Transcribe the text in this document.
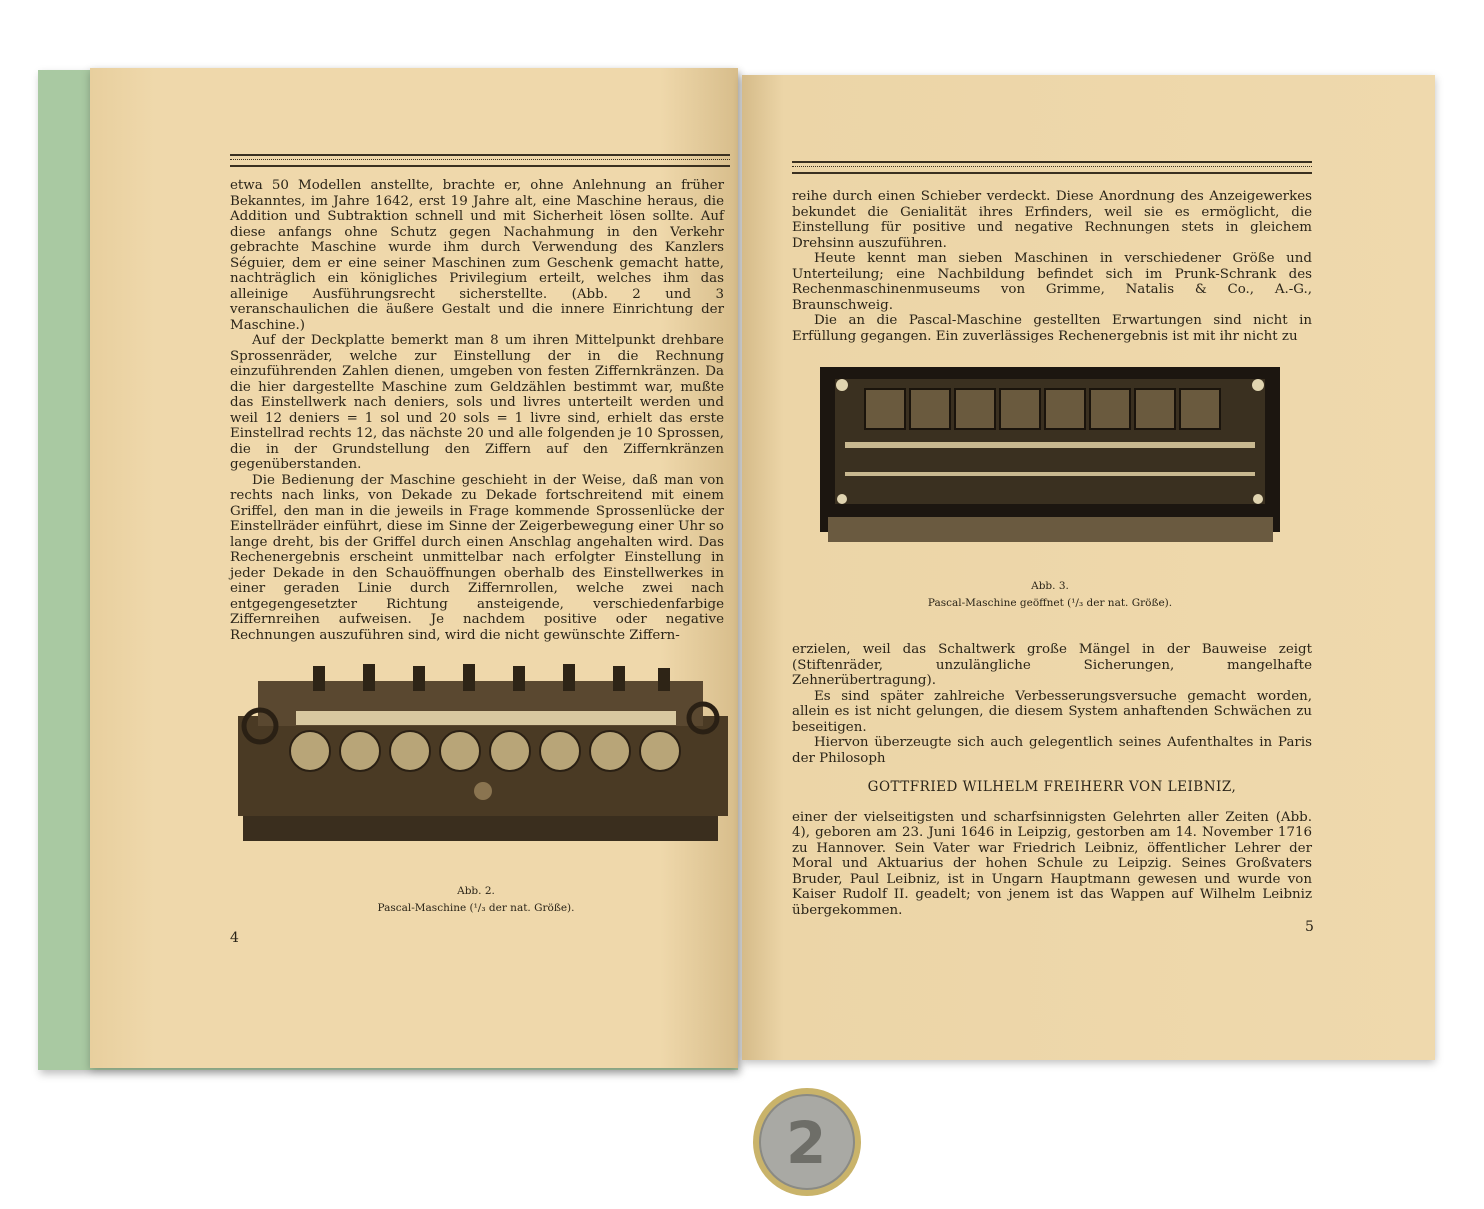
etwa 50 Modellen anstellte, brachte er, ohne Anlehnung an früher Bekanntes, im Jahre 1642, erst 19 Jahre alt, eine Maschine heraus, die Addition und Subtraktion schnell und mit Sicherheit lösen sollte. Auf diese anfangs ohne Schutz gegen Nachahmung in den Verkehr gebrachte Maschine wurde ihm durch Verwendung des Kanzlers Séguier, dem er eine seiner Maschinen zum Geschenk gemacht hatte, nachträglich ein königliches Privilegium erteilt, welches ihm das alleinige Ausführungsrecht sicherstellte. (Abb. 2 und 3 veranschaulichen die äußere Gestalt und die innere Einrichtung der Maschine.)

Auf der Deckplatte bemerkt man 8 um ihren Mittelpunkt drehbare Sprossenräder, welche zur Einstellung der in die Rechnung einzuführenden Zahlen dienen, umgeben von festen Ziffernkränzen. Da die hier dargestellte Maschine zum Geldzählen bestimmt war, mußte das Einstellwerk nach deniers, sols und livres unterteilt werden und weil 12 deniers = 1 sol und 20 sols = 1 livre sind, erhielt das erste Einstellrad rechts 12, das nächste 20 und alle folgenden je 10 Sprossen, die in der Grundstellung den Ziffern auf den Ziffernkränzen gegenüberstanden.

Die Bedienung der Maschine geschieht in der Weise, daß man von rechts nach links, von Dekade zu Dekade fortschreitend mit einem Griffel, den man in die jeweils in Frage kommende Sprossenlücke der Einstellräder einführt, diese im Sinne der Zeigerbewegung einer Uhr so lange dreht, bis der Griffel durch einen Anschlag angehalten wird. Das Rechenergebnis erscheint unmittelbar nach erfolgter Einstellung in jeder Dekade in den Schauöffnungen oberhalb des Einstellwerkes in einer geraden Linie durch Ziffernrollen, welche zwei nach entgegengesetzter Richtung ansteigende, verschiedenfarbige Ziffernreihen aufweisen. Je nachdem positive oder negative Rechnungen auszuführen sind, wird die nicht gewünschte Ziffern-

Abb. 2.
Pascal-Maschine (¹/₃ der nat. Größe).
4

reihe durch einen Schieber verdeckt. Diese Anordnung des Anzeigewerkes bekundet die Genialität ihres Erfinders, weil sie es ermöglicht, die Einstellung für positive und negative Rechnungen stets in gleichem Drehsinn auszuführen.

Heute kennt man sieben Maschinen in verschiedener Größe und Unterteilung; eine Nachbildung befindet sich im Prunk-Schrank des Rechenmaschinenmuseums von Grimme, Natalis & Co., A.-G., Braunschweig.

Die an die Pascal-Maschine gestellten Erwartungen sind nicht in Erfüllung gegangen. Ein zuverlässiges Rechenergebnis ist mit ihr nicht zu

Abb. 3.
Pascal-Maschine geöffnet (¹/₃ der nat. Größe).

erzielen, weil das Schaltwerk große Mängel in der Bauweise zeigt (Stiftenräder, unzulängliche Sicherungen, mangelhafte Zehnerübertragung).

Es sind später zahlreiche Verbesserungsversuche gemacht worden, allein es ist nicht gelungen, die diesem System anhaftenden Schwächen zu beseitigen.

Hiervon überzeugte sich auch gelegentlich seines Aufenthaltes in Paris der Philosoph

GOTTFRIED WILHELM FREIHERR VON LEIBNIZ,

einer der vielseitigsten und scharfsinnigsten Gelehrten aller Zeiten (Abb. 4), geboren am 23. Juni 1646 in Leipzig, gestorben am 14. November 1716 zu Hannover. Sein Vater war Friedrich Leibniz, öffentlicher Lehrer der Moral und Aktuarius der hohen Schule zu Leipzig. Seines Großvaters Bruder, Paul Leibniz, ist in Ungarn Hauptmann gewesen und wurde von Kaiser Rudolf II. geadelt; von jenem ist das Wappen auf Wilhelm Leibniz übergekommen.

5
2
